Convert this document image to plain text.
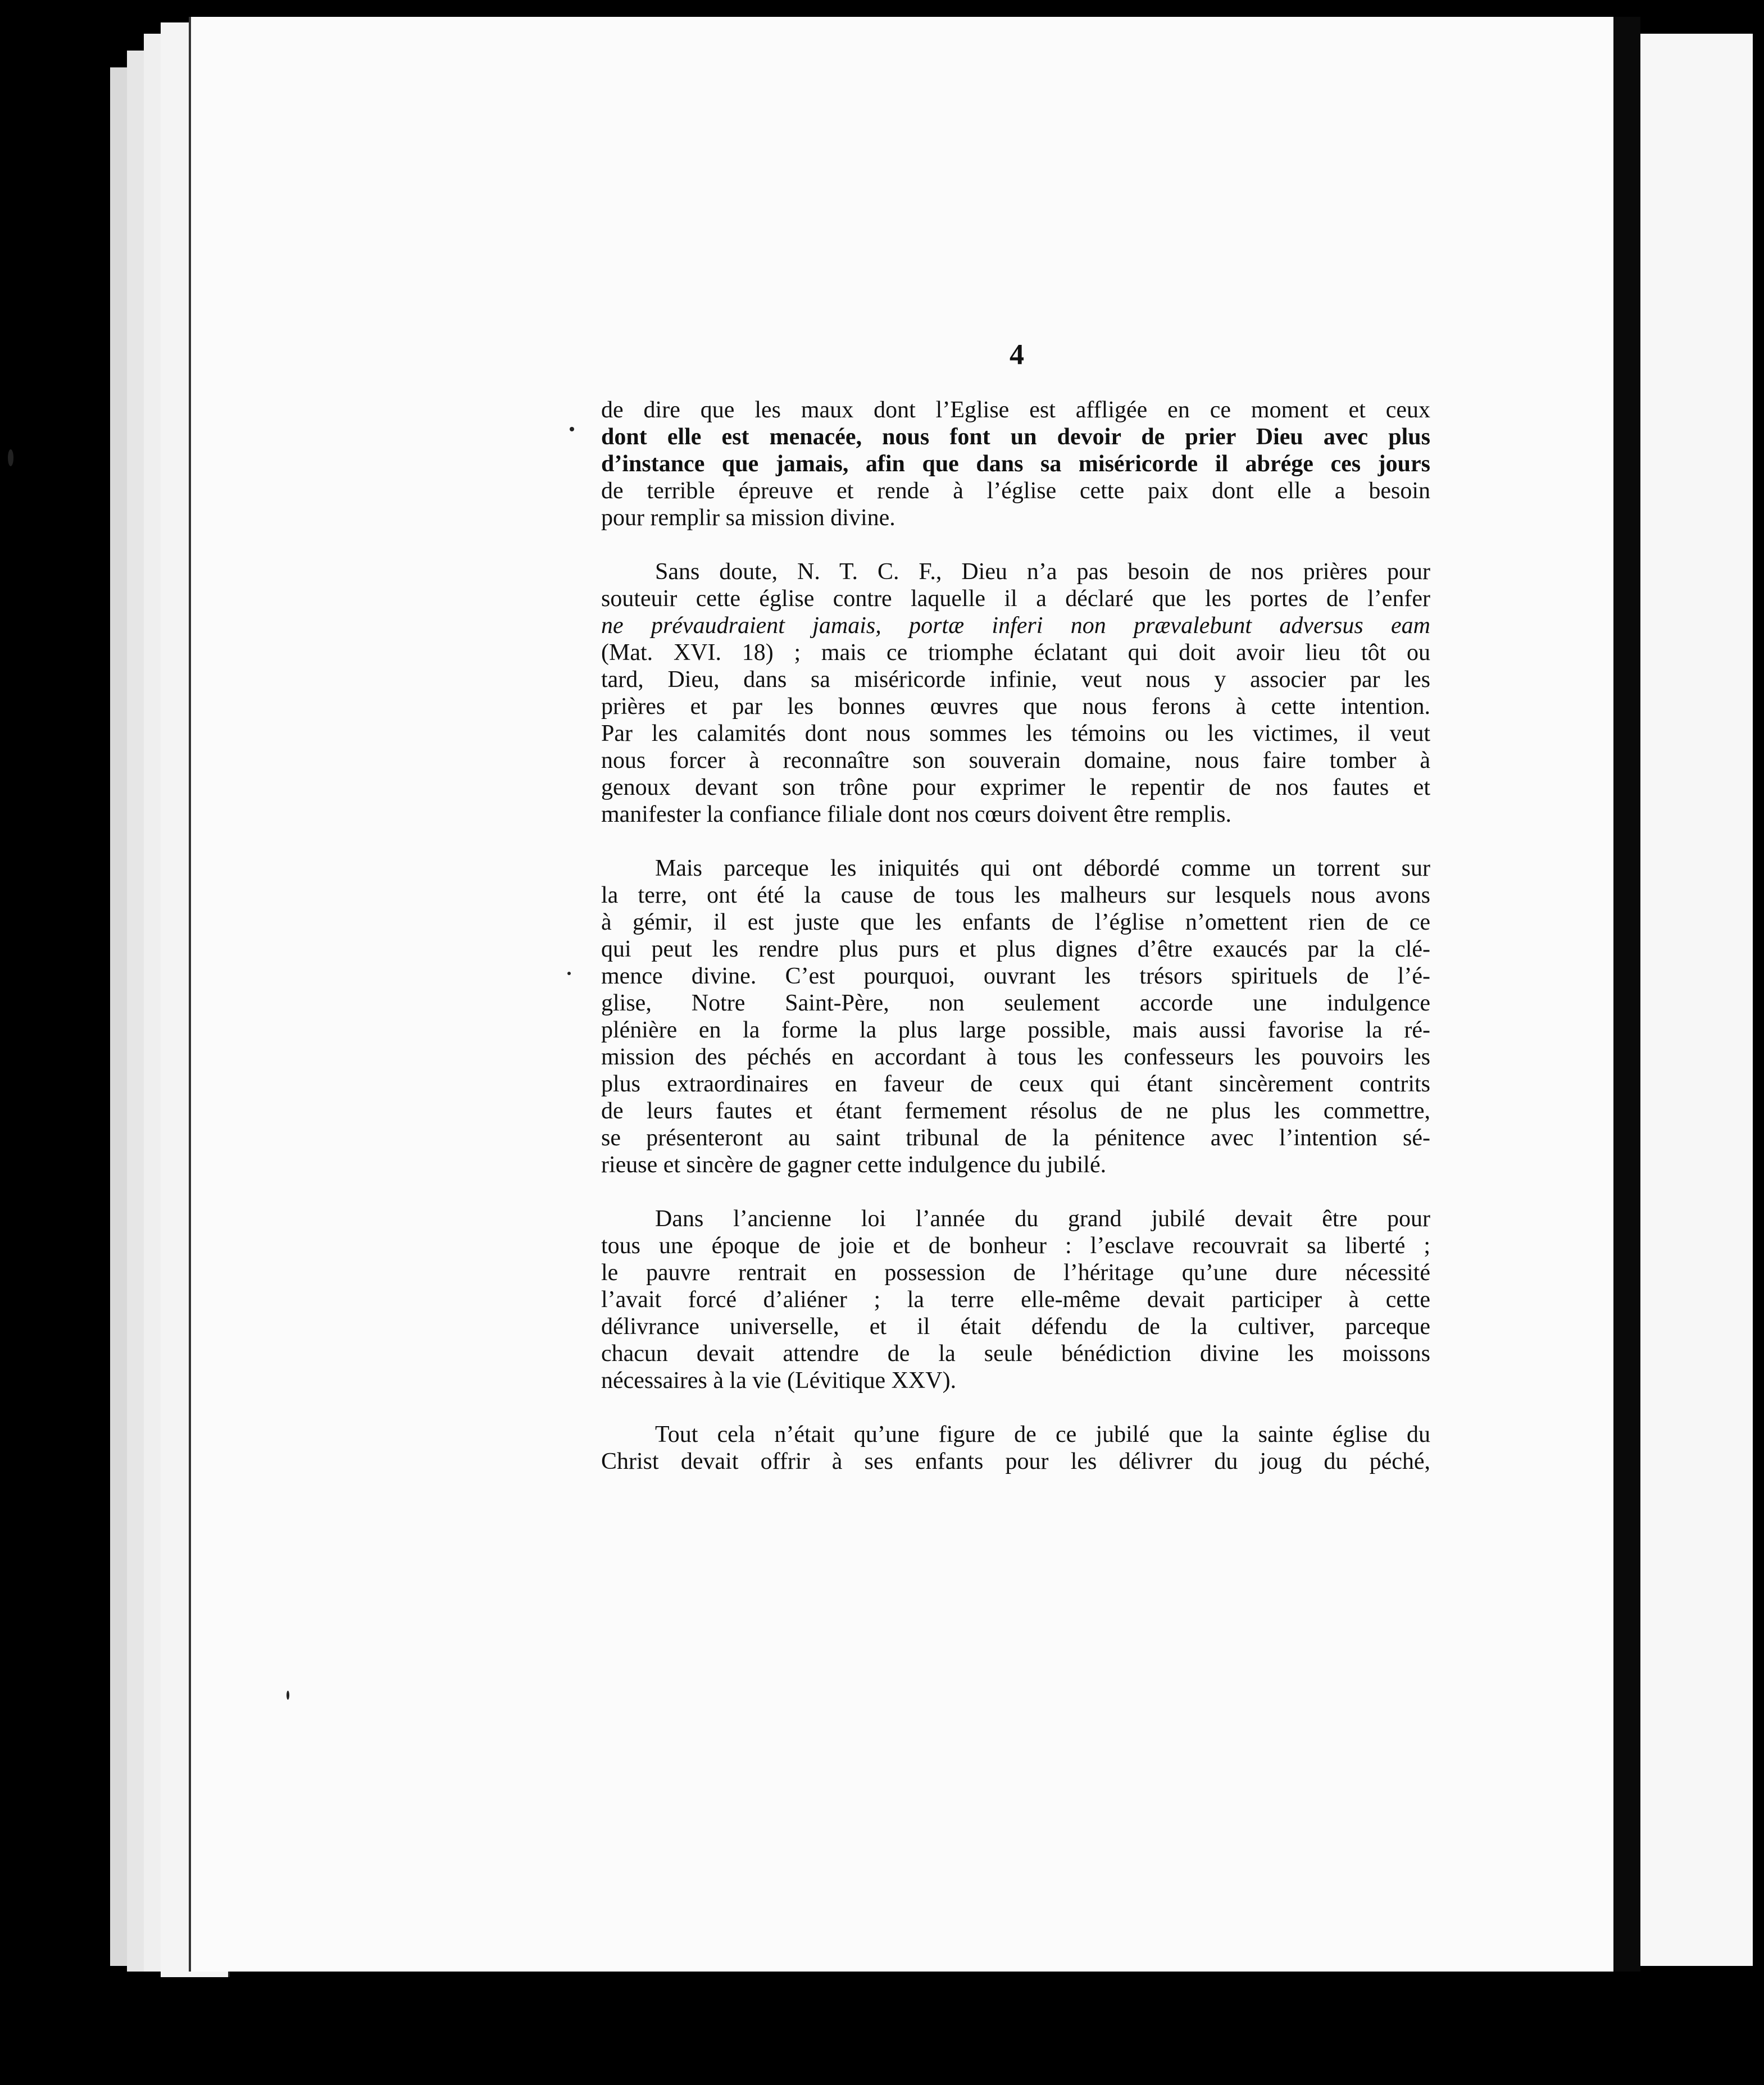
4

de dire que les maux dont l’Eglise est affligée en ce moment et ceux
dont elle est menacée, nous font un devoir de prier Dieu avec plus
d’instance que jamais, afin que dans sa miséricorde il abrége ces jours
de terrible épreuve et rende à l’église cette paix dont elle a besoin
pour remplir sa mission divine.

Sans doute, N. T. C. F., Dieu n’a pas besoin de nos prières pour
souteuir cette église contre laquelle il a déclaré que les portes de l’enfer
ne prévaudraient jamais, portæ inferi non prævalebunt adversus eam
(Mat. XVI. 18) ; mais ce triomphe éclatant qui doit avoir lieu tôt ou
tard, Dieu, dans sa miséricorde infinie, veut nous y associer par les
prières et par les bonnes œuvres que nous ferons à cette intention.
Par les calamités dont nous sommes les témoins ou les victimes, il veut
nous forcer à reconnaître son souverain domaine, nous faire tomber à
genoux devant son trône pour exprimer le repentir de nos fautes et
manifester la confiance filiale dont nos cœurs doivent être remplis.

Mais parceque les iniquités qui ont débordé comme un torrent sur
la terre, ont été la cause de tous les malheurs sur lesquels nous avons
à gémir, il est juste que les enfants de l’église n’omettent rien de ce
qui peut les rendre plus purs et plus dignes d’être exaucés par la clé-
mence divine. C’est pourquoi, ouvrant les trésors spirituels de l’é-
glise, Notre Saint-Père, non seulement accorde une indulgence
plénière en la forme la plus large possible, mais aussi favorise la ré-
mission des péchés en accordant à tous les confesseurs les pouvoirs les
plus extraordinaires en faveur de ceux qui étant sincèrement contrits
de leurs fautes et étant fermement résolus de ne plus les commettre,
se présenteront au saint tribunal de la pénitence avec l’intention sé-
rieuse et sincère de gagner cette indulgence du jubilé.

Dans l’ancienne loi l’année du grand jubilé devait être pour
tous une époque de joie et de bonheur : l’esclave recouvrait sa liberté ;
le pauvre rentrait en possession de l’héritage qu’une dure nécessité
l’avait forcé d’aliéner ; la terre elle-même devait participer à cette
délivrance universelle, et il était défendu de la cultiver, parceque
chacun devait attendre de la seule bénédiction divine les moissons
nécessaires à la vie (Lévitique XXV).

Tout cela n’était qu’une figure de ce jubilé que la sainte église du
Christ devait offrir à ses enfants pour les délivrer du joug du péché,
